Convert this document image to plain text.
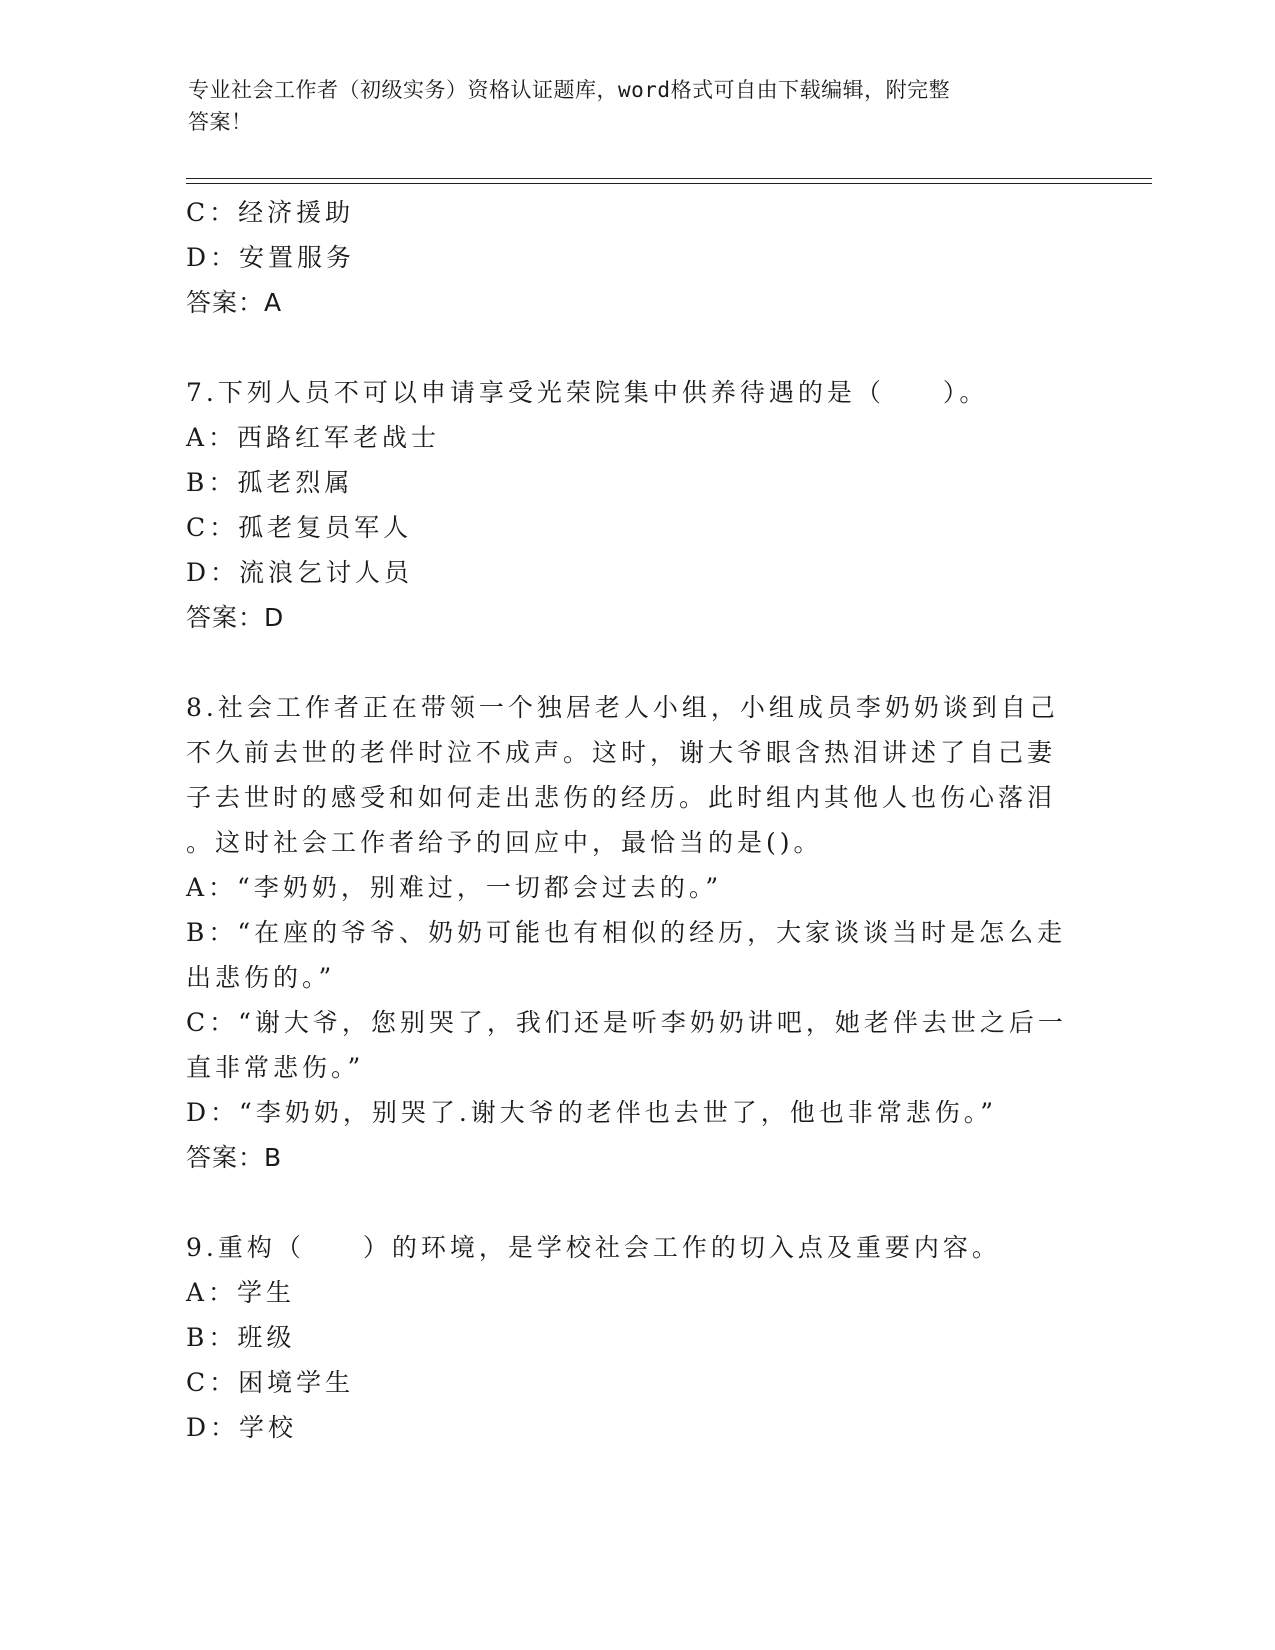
专业社会工作者（初级实务）资格认证题库，word格式可自由下载编辑，附完整
答案！
C：经济援助
D：安置服务
答案：A
7.下列人员不可以申请享受光荣院集中供养待遇的是（　　）。
A：西路红军老战士
B：孤老烈属
C：孤老复员军人
D：流浪乞讨人员
答案：D
8.社会工作者正在带领一个独居老人小组，小组成员李奶奶谈到自己
不久前去世的老伴时泣不成声。这时，谢大爷眼含热泪讲述了自己妻
子去世时的感受和如何走出悲伤的经历。此时组内其他人也伤心落泪
。这时社会工作者给予的回应中，最恰当的是()。
A：“李奶奶，别难过，一切都会过去的。”
B：“在座的爷爷、奶奶可能也有相似的经历，大家谈谈当时是怎么走
出悲伤的。”
C：“谢大爷，您别哭了，我们还是听李奶奶讲吧，她老伴去世之后一
直非常悲伤。”
D：“李奶奶，别哭了.谢大爷的老伴也去世了，他也非常悲伤。”
答案：B
9.重构（　　）的环境，是学校社会工作的切入点及重要内容。
A：学生
B：班级
C：困境学生
D：学校
